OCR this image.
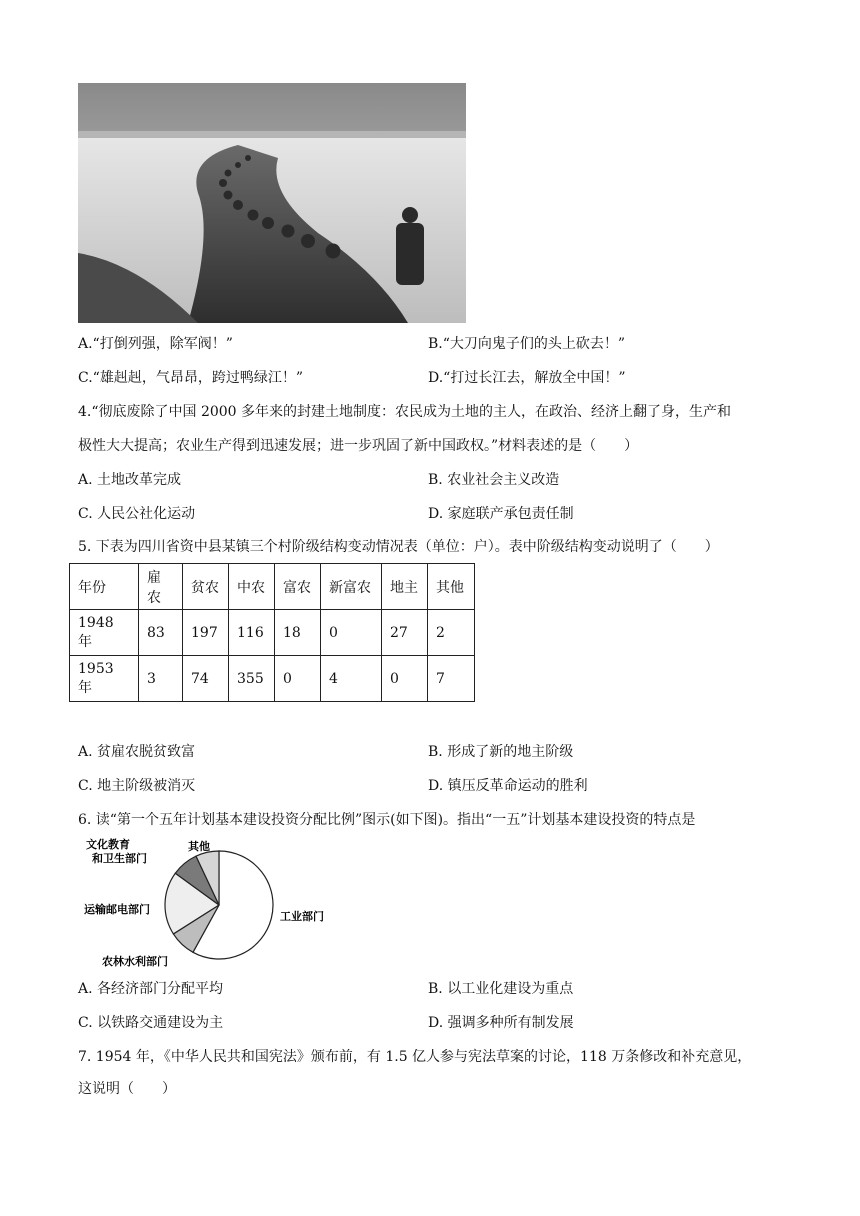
A.“打倒列强，除军阀！”	B.“大刀向鬼子们的头上砍去！”
C.“雄赳赳，气昂昂，跨过鸭绿江！”	D.“打过长江去，解放全中国！”
4.“彻底废除了中国 2000 多年来的封建土地制度：农民成为土地的主人，在政治、经济上翻了身，生产和
极性大大提高；农业生产得到迅速发展；进一步巩固了新中国政权。”材料表述的是（　　）
A. 土地改革完成	B. 农业社会主义改造
C. 人民公社化运动	D. 家庭联产承包责任制
5. 下表为四川省资中县某镇三个村阶级结构变动情况表（单位：户）。表中阶级结构变动说明了（　　）
年份	雇农	贫农	中农	富农	新富农	地主	其他
1948 年	83	197	116	18	0	27	2
1953 年	3	74	355	0	4	0	7
A. 贫雇农脱贫致富	B. 形成了新的地主阶级
C. 地主阶级被消灭	D. 镇压反革命运动的胜利
6. 读“第一个五年计划基本建设投资分配比例”图示(如下图)。指出“一五”计划基本建设投资的特点是
工业部门
农林水利部门
运输邮电部门
文化教育
和卫生部门
其他
A. 各经济部门分配平均	B. 以工业化建设为重点
C. 以铁路交通建设为主	D. 强调多种所有制发展
7. 1954 年，《中华人民共和国宪法》颁布前，有 1.5 亿人参与宪法草案的讨论，118 万条修改和补充意见，
这说明（　　）
